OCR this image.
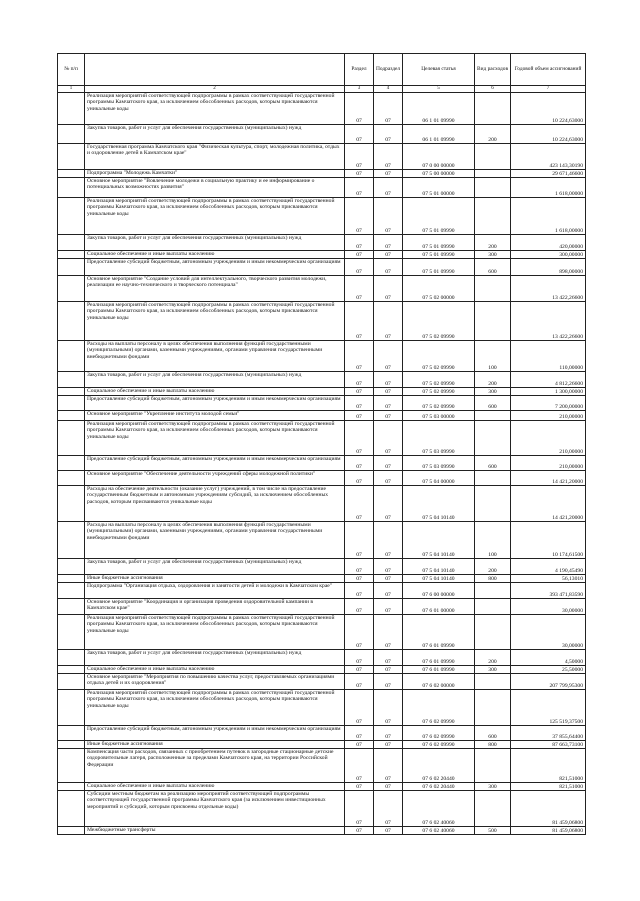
№ п/п		Раздел	Подраздел	Целевая статья	Вид расходов	Годовой объем ассигнований
1	2	3	4	5	6	7
	Реализация мероприятий соответствующей подпрограммы в рамках соответствующей государственной программы Камчатского края, за исключением обособленных расходов, которым присваиваются уникальные коды	07	07	06 1 01 09990		10 224,63000
	Закупка товаров, работ и услуг для обеспечения государственных (муниципальных) нужд	07	07	06 1 01 09990	200	10 224,63000
	Государственная программа Камчатского края "Физическая культура, спорт, молодежная политика, отдых и оздоровление детей в Камчатском крае"	07	07	07 0 00 00000		423 143,30190
	Подпрограмма "Молодежь Камчатки"	07	07	07 5 00 00000		29 671,46600
	Основное мероприятие "Вовлечение молодежи в социальную практику и ее информирование о потенциальных возможностях развития"	07	07	07 5 01 00000		1 618,00000
	Реализация мероприятий соответствующей подпрограммы в рамках соответствующей государственной программы Камчатского края, за исключением обособленных расходов, которым присваиваются уникальные коды	07	07	07 5 01 09990		1 618,00000
	Закупка товаров, работ и услуг для обеспечения государственных (муниципальных) нужд	07	07	07 5 01 09990	200	420,00000
	Социальное обеспечение и иные выплаты населению	07	07	07 5 01 09990	300	300,00000
	Предоставление субсидий бюджетным, автономным учреждениям и иным некоммерческим организациям	07	07	07 5 01 09990	600	898,00000
	Основное мероприятие "Создание условий для интеллектуального, творческого развития молодежи, реализации ее научно-технического и творческого потенциала"	07	07	07 5 02 00000		13 422,26600
	Реализация мероприятий соответствующей подпрограммы в рамках соответствующей государственной программы Камчатского края, за исключением обособленных расходов, которым присваиваются уникальные коды	07	07	07 5 02 09990		13 422,26600
	Расходы на выплаты персоналу в целях обеспечения выполнения функций государственными (муниципальными) органами, казенными учреждениями, органами управления государственными внебюджетными фондами	07	07	07 5 02 09990	100	110,00000
	Закупка товаров, работ и услуг для обеспечения государственных (муниципальных) нужд	07	07	07 5 02 09990	200	4 812,26600
	Социальное обеспечение и иные выплаты населению	07	07	07 5 02 09990	300	1 300,00000
	Предоставление субсидий бюджетным, автономным учреждениям и иным некоммерческим организациям	07	07	07 5 02 09990	600	7 200,00000
	Основное мероприятие "Укрепление института молодой семьи"	07	07	07 5 03 00000		210,00000
	Реализация мероприятий соответствующей подпрограммы в рамках соответствующей государственной программы Камчатского края, за исключением обособленных расходов, которым присваиваются уникальные коды	07	07	07 5 03 09990		210,00000
	Предоставление субсидий бюджетным, автономным учреждениям и иным некоммерческим организациям	07	07	07 5 03 09990	600	210,00000
	Основное мероприятие "Обеспечение деятельности учреждений сферы молодежной политики"	07	07	07 5 04 00000		14 421,20000
	Расходы на обеспечение деятельности (оказание услуг) учреждений, в том числе на предоставление государственным бюджетным и автономным учреждениям субсидий, за исключением обособленных расходов, которым присваиваются уникальные коды	07	07	07 5 04 10140		14 421,20000
	Расходы на выплаты персоналу в целях обеспечения выполнения функций государственными (муниципальными) органами, казенными учреждениями, органами управления государственными внебюджетными фондами	07	07	07 5 04 10140	100	10 174,61500
	Закупка товаров, работ и услуг для обеспечения государственных (муниципальных) нужд	07	07	07 5 04 10140	200	4 190,45490
	Иные бюджетные ассигнования	07	07	07 5 04 10140	800	56,13010
	Подпрограмма "Организация отдыха, оздоровления и занятости детей и молодежи в Камчатском крае"	07	07	07 6 00 00000		393 471,83590
	Основное мероприятие "Координация и организация проведения оздоровительной кампании в Камчатском крае"	07	07	07 6 01 00000		30,00000
	Реализация мероприятий соответствующей подпрограммы в рамках соответствующей государственной программы Камчатского края, за исключением обособленных расходов, которым присваиваются уникальные коды	07	07	07 6 01 09990		30,00000
	Закупка товаров, работ и услуг для обеспечения государственных (муниципальных) нужд	07	07	07 6 01 09990	200	4,50000
	Социальное обеспечение и иные выплаты населению	07	07	07 6 01 09990	300	25,50000
	Основное мероприятие "Мероприятия по повышению качества услуг, предоставляемых организациями отдыха детей и их оздоровления"	07	07	07 6 02 00000		207 799,95300
	Реализация мероприятий соответствующей подпрограммы в рамках соответствующей государственной программы Камчатского края, за исключением обособленных расходов, которым присваиваются уникальные коды	07	07	07 6 02 09990		125 519,37500
	Предоставление субсидий бюджетным, автономным учреждениям и иным некоммерческим организациям	07	07	07 6 02 09990	600	37 855,64400
	Иные бюджетные ассигнования	07	07	07 6 02 09990	800	87 663,73100
	Компенсация части расходов, связанных с приобретением путевок в загородные стационарные детские оздоровительные лагеря, расположенные за пределами Камчатского края, на территории Российской Федерации	07	07	07 6 02 20440		821,51000
	Социальное обеспечение и иные выплаты населению	07	07	07 6 02 20440	300	821,51000
	Субсидии местным бюджетам на реализацию мероприятий соответствующей подпрограммы соответствующей государственной программы Камчатского края (за исключением инвестиционных мероприятий и субсидий, которым присвоены отдельные коды)	07	07	07 6 02 40060		81 459,06800
	Межбюджетные трансферты	07	07	07 6 02 40060	500	81 459,06800
